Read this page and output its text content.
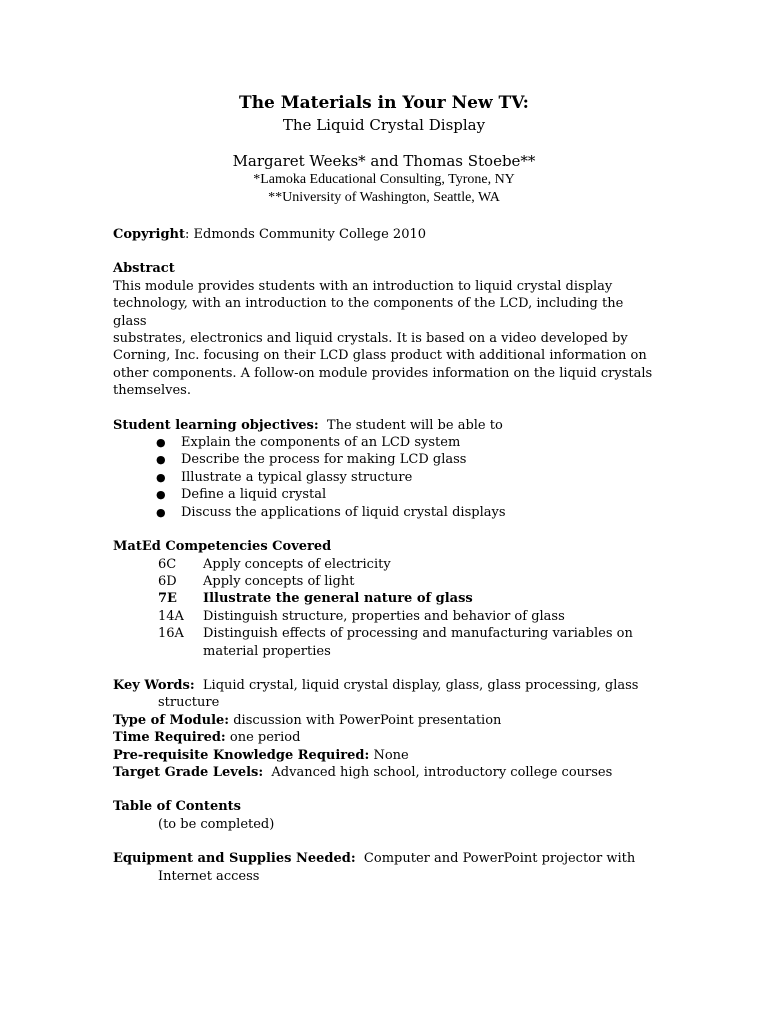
The Materials in Your New TV:
The Liquid Crystal Display
Margaret Weeks* and Thomas Stoebe**
*Lamoka Educational Consulting, Tyrone, NY
**University of Washington, Seattle, WA
Copyright: Edmonds Community College 2010
Abstract
This module provides students with an introduction to liquid crystal display
technology, with an introduction to the components of the LCD, including the glass
substrates, electronics and liquid crystals. It is based on a video developed by
Corning, Inc. focusing on their LCD glass product with additional information on
other components. A follow-on module provides information on the liquid crystals
themselves.
Student learning objectives:  The student will be able to
● Explain the components of an LCD system
● Describe the process for making LCD glass
● Illustrate a typical glassy structure
● Define a liquid crystal
● Discuss the applications of liquid crystal displays
MatEd Competencies Covered
6C	Apply concepts of electricity
6D	Apply concepts of light
7E	Illustrate the general nature of glass
14A	Distinguish structure, properties and behavior of glass
16A	Distinguish effects of processing and manufacturing variables on
material properties
Key Words:  Liquid crystal, liquid crystal display, glass, glass processing, glass
structure
Type of Module: discussion with PowerPoint presentation
Time Required: one period
Pre-requisite Knowledge Required: None
Target Grade Levels:  Advanced high school, introductory college courses
Table of Contents
(to be completed)
Equipment and Supplies Needed:  Computer and PowerPoint projector with
Internet access
